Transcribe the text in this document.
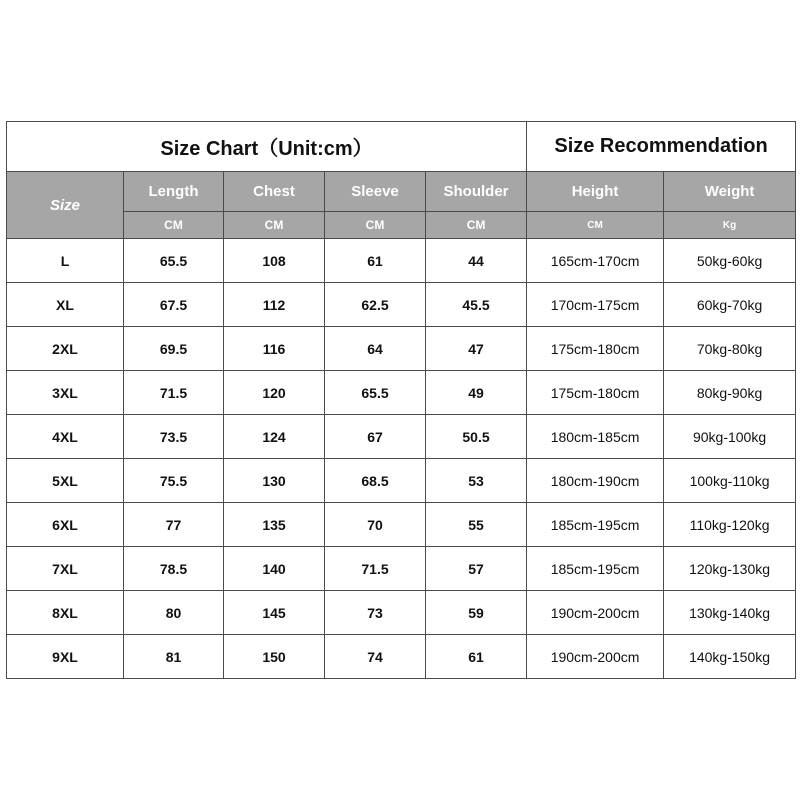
Size Chart（Unit:cm）					Size Recommendation	
Size	Length	Chest	Sleeve	Shoulder	Height	Weight
	CM	CM	CM	CM	CM	Kg
L	65.5	108	61	44	165cm-170cm	50kg-60kg
XL	67.5	112	62.5	45.5	170cm-175cm	60kg-70kg
2XL	69.5	116	64	47	175cm-180cm	70kg-80kg
3XL	71.5	120	65.5	49	175cm-180cm	80kg-90kg
4XL	73.5	124	67	50.5	180cm-185cm	90kg-100kg
5XL	75.5	130	68.5	53	180cm-190cm	100kg-110kg
6XL	77	135	70	55	185cm-195cm	110kg-120kg
7XL	78.5	140	71.5	57	185cm-195cm	120kg-130kg
8XL	80	145	73	59	190cm-200cm	130kg-140kg
9XL	81	150	74	61	190cm-200cm	140kg-150kg
